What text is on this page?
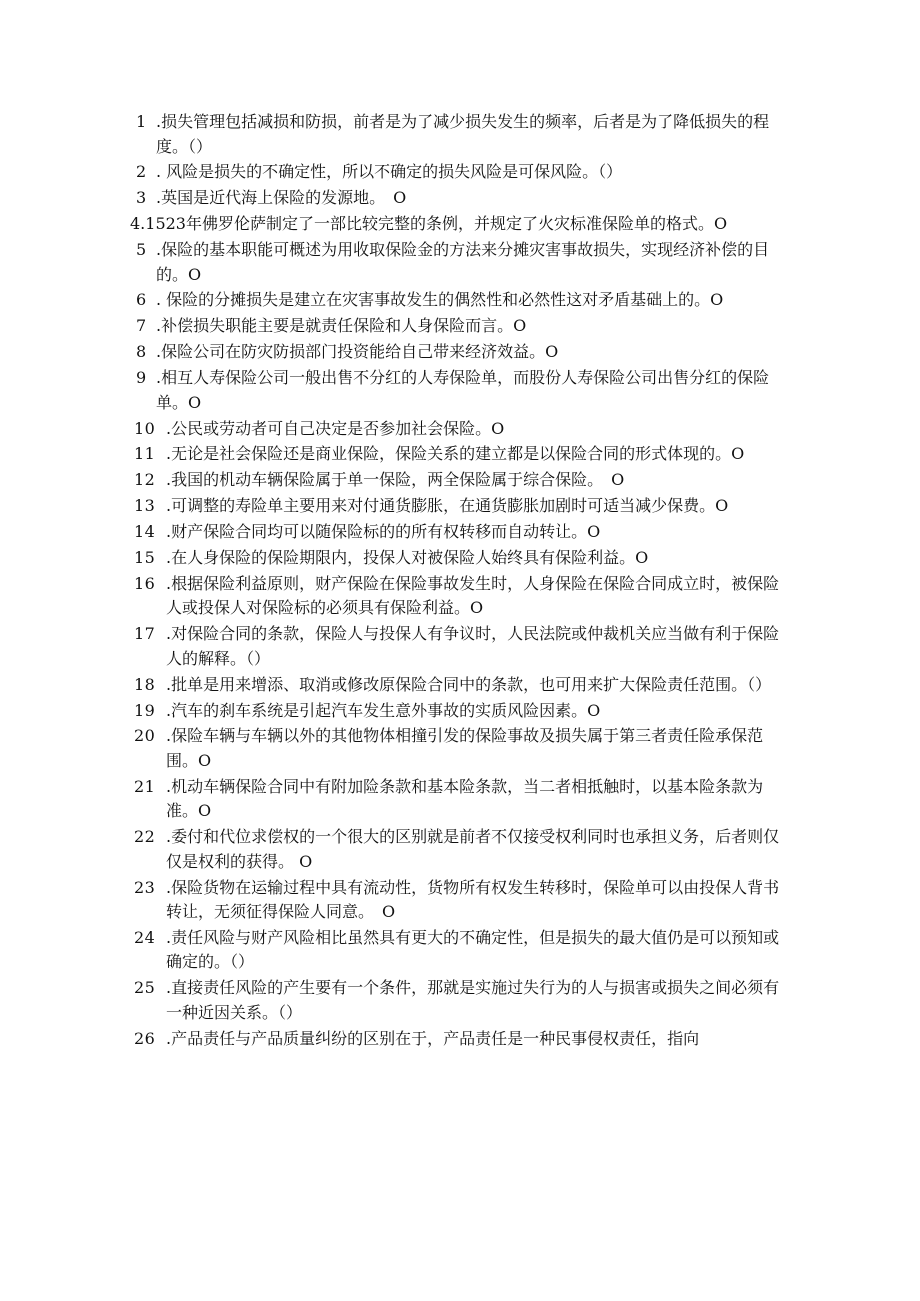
1 .损失管理包括减损和防损，前者是为了减少损失发生的频率，后者是为了降低损失的程度。（）
2 . 风险是损失的不确定性，所以不确定的损失风险是可保风险。（）
3 .英国是近代海上保险的发源地。　O
4.1523年佛罗伦萨制定了一部比较完整的条例，并规定了火灾标准保险单的格式。O
5 .保险的基本职能可概述为用收取保险金的方法来分摊灾害事故损失，实现经济补偿的目的。O
6 . 保险的分摊损失是建立在灾害事故发生的偶然性和必然性这对矛盾基础上的。O
7 .补偿损失职能主要是就责任保险和人身保险而言。O
8 .保险公司在防灾防损部门投资能给自己带来经济效益。O
9 .相互人寿保险公司一般出售不分红的人寿保险单，而股份人寿保险公司出售分红的保险单。O
10 .公民或劳动者可自己决定是否参加社会保险。O
11 .无论是社会保险还是商业保险，保险关系的建立都是以保险合同的形式体现的。O
12 .我国的机动车辆保险属于单一保险，两全保险属于综合保险。　O
13 .可调整的寿险单主要用来对付通货膨胀，在通货膨胀加剧时可适当减少保费。O
14 .财产保险合同均可以随保险标的的所有权转移而自动转让。O
15 .在人身保险的保险期限内，投保人对被保险人始终具有保险利益。O
16 .根据保险利益原则，财产保险在保险事故发生时，人身保险在保险合同成立时，被保险人或投保人对保险标的必须具有保险利益。O
17 .对保险合同的条款，保险人与投保人有争议时，人民法院或仲裁机关应当做有利于保险人的解释。（）
18 .批单是用来增添、取消或修改原保险合同中的条款，也可用来扩大保险责任范围。（）
19 .汽车的刹车系统是引起汽车发生意外事故的实质风险因素。O
20 .保险车辆与车辆以外的其他物体相撞引发的保险事故及损失属于第三者责任险承保范围。O
21 .机动车辆保险合同中有附加险条款和基本险条款，当二者相抵触时，以基本险条款为准。O
22 .委付和代位求偿权的一个很大的区别就是前者不仅接受权利同时也承担义务，后者则仅仅是权利的获得。 O
23 .保险货物在运输过程中具有流动性，货物所有权发生转移时，保险单可以由投保人背书转让，无须征得保险人同意。　O
24 .责任风险与财产风险相比虽然具有更大的不确定性，但是损失的最大值仍是可以预知或确定的。（）
25 .直接责任风险的产生要有一个条件，那就是实施过失行为的人与损害或损失之间必须有一种近因关系。（）
26 .产品责任与产品质量纠纷的区别在于，产品责任是一种民事侵权责任，指向
